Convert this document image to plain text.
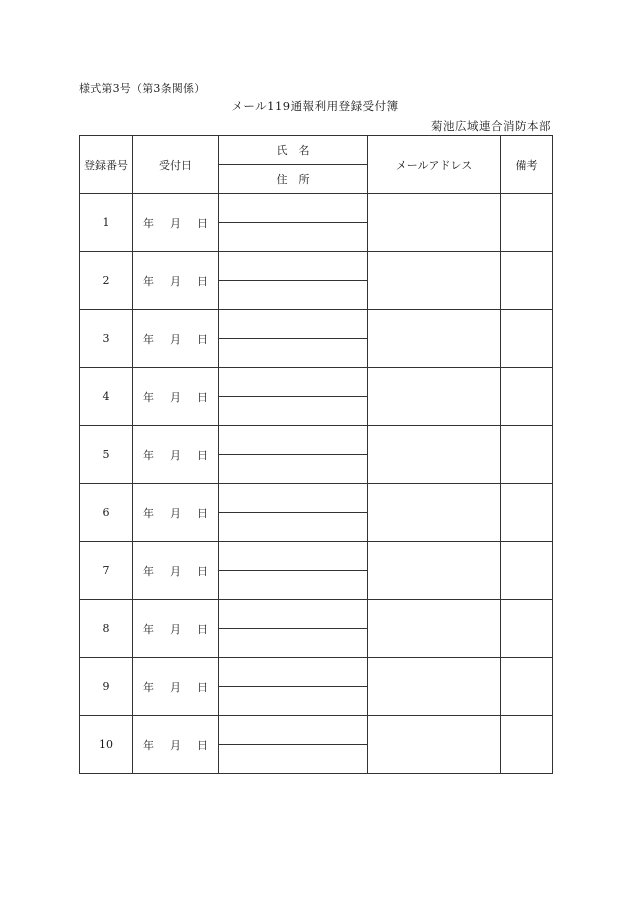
様式第3号（第3条関係）
メール119通報利用登録受付簿
菊池広域連合消防本部
登録番号	受付日	氏　名	メールアドレス	備考
		住　所		
1	年 月 日			

2	年 月 日			

3	年 月 日			

4	年 月 日			

5	年 月 日			

6	年 月 日			

7	年 月 日			

8	年 月 日			

9	年 月 日			

10	年 月 日			
